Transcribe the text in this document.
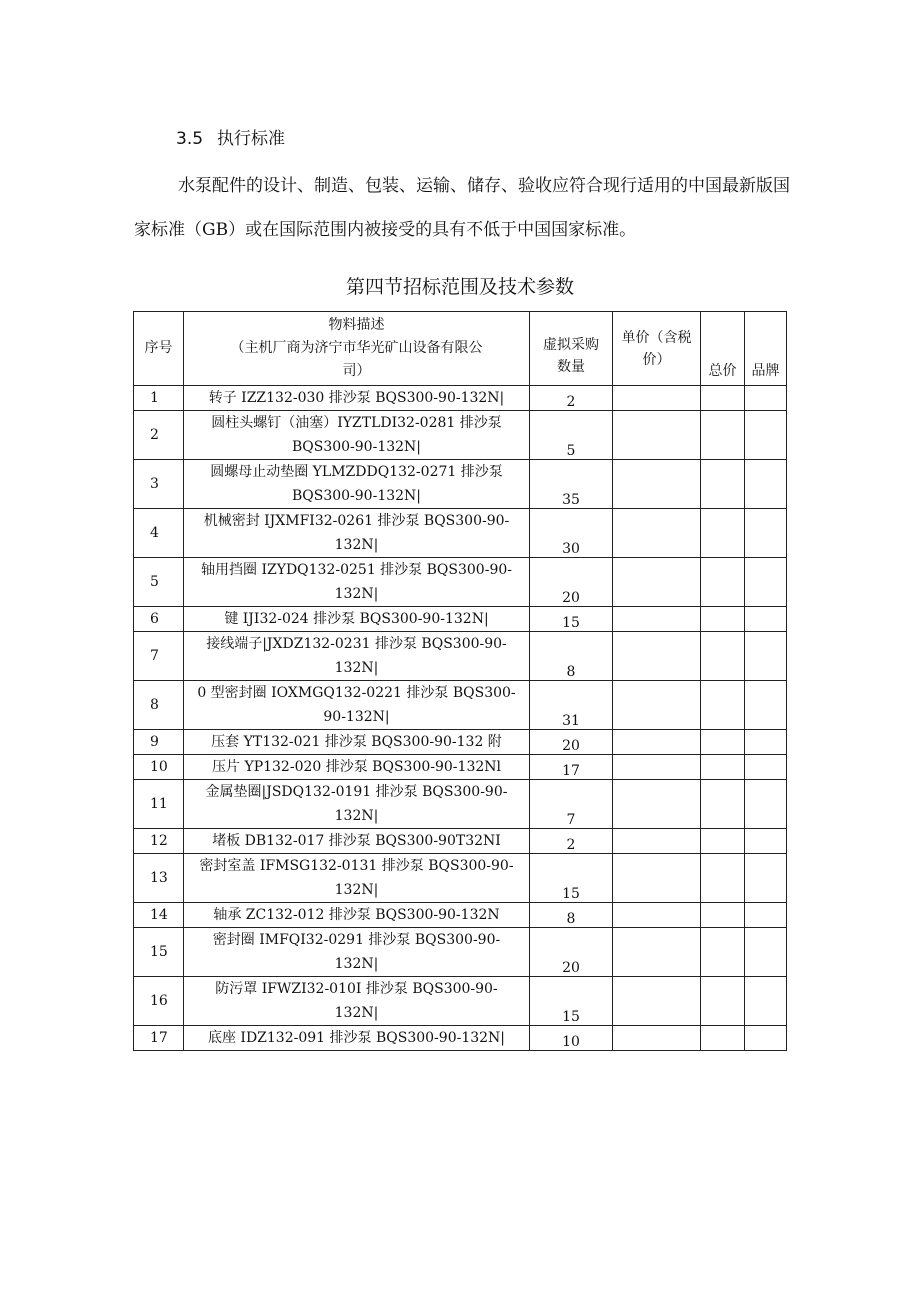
3.5 执行标准
水泵配件的设计、制造、包装、运输、储存、验收应符合现行适用的中国最新版国家标准（GB）或在国际范围内被接受的具有不低于中国国家标准。
第四节招标范围及技术参数
序号	物料描述
（主机厂商为济宁市华光矿山设备有限公
司）	虚拟采购数量	单价（含税价）	总价	品牌
1	转子 IZZ132-030 排沙泵 BQS300-90-132N|	2			
2	圆柱头螺钉（油塞）IYZTLDI32-0281 排沙泵
BQS300-90-132N|	5			
3	圆螺母止动垫圈 YLMZDDQ132-0271 排沙泵
BQS300-90-132N|	35			
4	机械密封 IJXMFI32-0261 排沙泵 BQS300-90-
132N|	30			
5	轴用挡圈 IZYDQ132-0251 排沙泵 BQS300-90-
132N|	20			
6	键 IJI32-024 排沙泵 BQS300-90-132N|	15			
7	接线端子|JXDZ132-0231 排沙泵 BQS300-90-
132N|	8			
8	0 型密封圈 IOXMGQ132-0221 排沙泵 BQS300-
90-132N|	31			
9	压套 YT132-021 排沙泵 BQS300-90-132 附	20			
10	压片 YP132-020 排沙泵 BQS300-90-132Nl	17			
11	金属垫圈|JSDQ132-0191 排沙泵 BQS300-90-
132N|	7			
12	堵板 DB132-017 排沙泵 BQS300-90T32NI	2			
13	密封室盖 IFMSG132-0131 排沙泵 BQS300-90-
132N|	15			
14	轴承 ZC132-012 排沙泵 BQS300-90-132N	8			
15	密封圈 IMFQI32-0291 排沙泵 BQS300-90-
132N|	20			
16	防污罩 IFWZI32-010I 排沙泵 BQS300-90-
132N|	15			
17	底座 IDZ132-091 排沙泵 BQS300-90-132N|	10			
